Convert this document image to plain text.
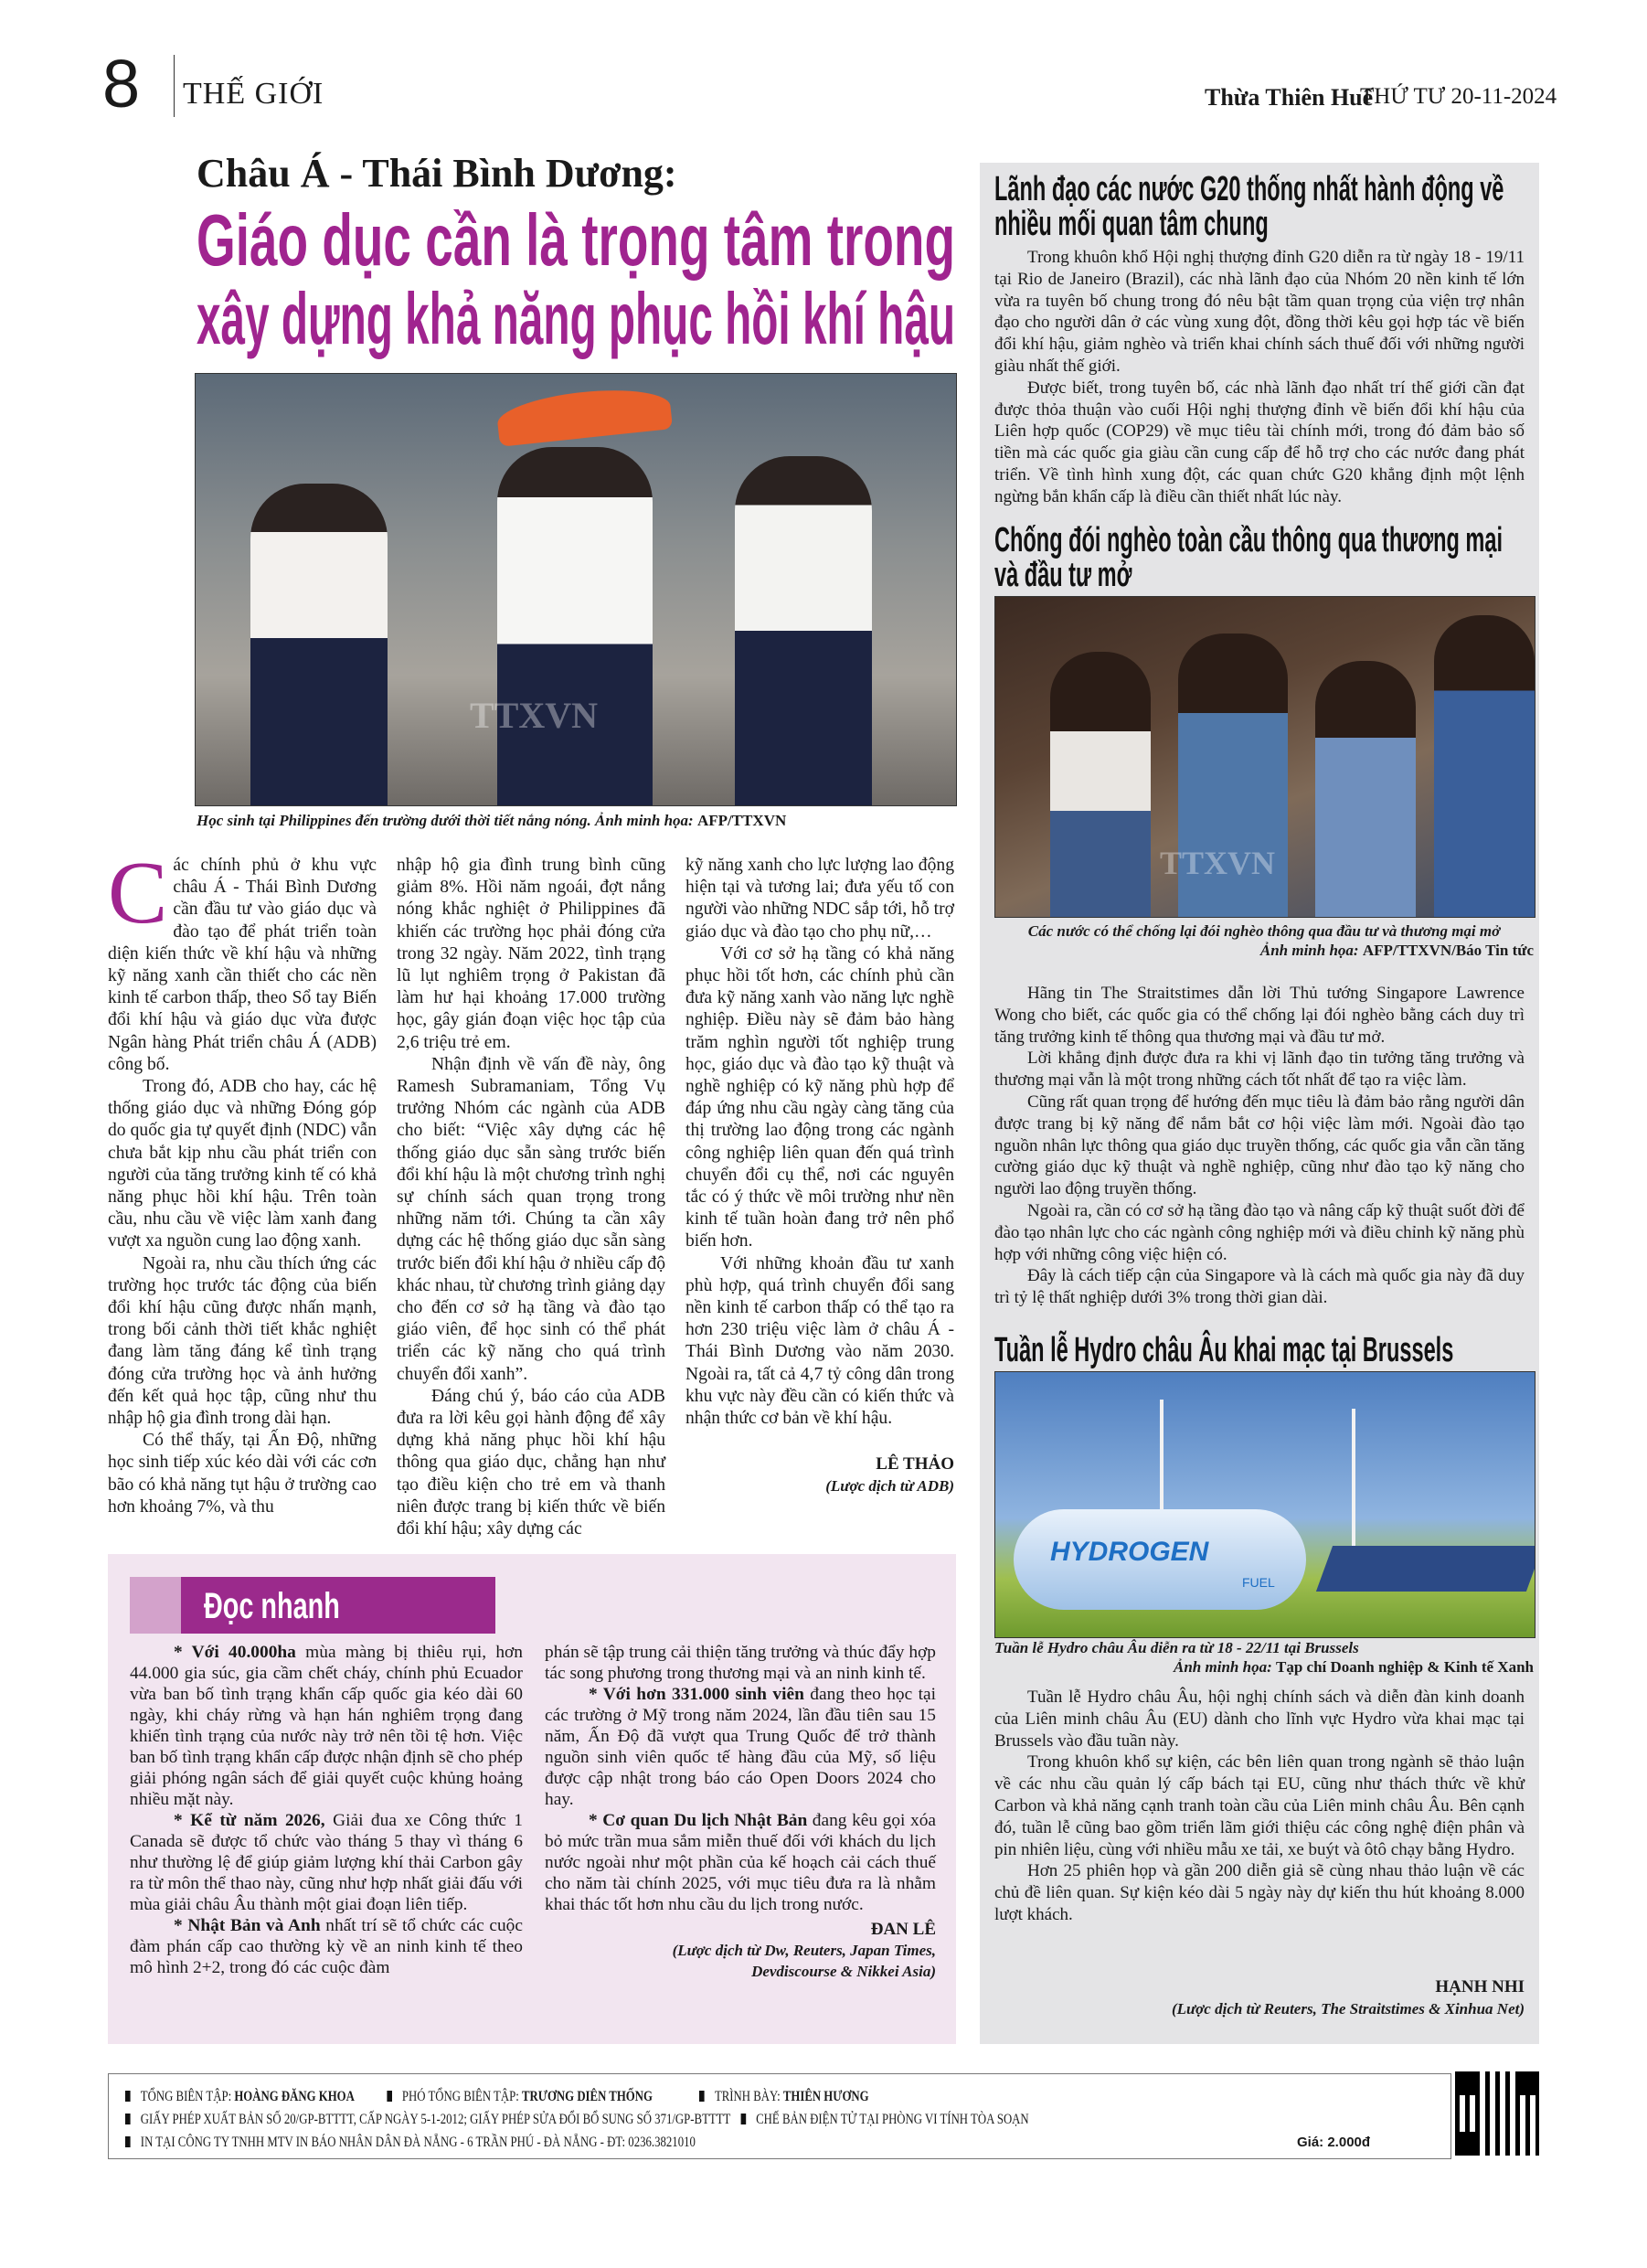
8 THẾ GIỚI	Thừa Thiên Huế
THỨ TƯ 20-11-2024
Châu Á - Thái Bình Dương:
Giáo dục cần là trọng tâm trong
xây dựng khả năng phục hồi khí hậu
TTXVN
Học sinh tại Philippines đến trường dưới thời tiết nắng nóng. Ảnh minh họa: AFP/TTXVN

Các chính phủ ở khu vực châu Á - Thái Bình Dương cần đầu tư vào giáo dục và đào tạo để phát triển toàn diện kiến thức về khí hậu và những kỹ năng xanh cần thiết cho các nền kinh tế carbon thấp, theo Sổ tay Biến đổi khí hậu và giáo dục vừa được Ngân hàng Phát triển châu Á (ADB) công bố.

Trong đó, ADB cho hay, các hệ thống giáo dục và những Đóng góp do quốc gia tự quyết định (NDC) vẫn chưa bắt kịp nhu cầu phát triển con người của tăng trưởng kinh tế có khả năng phục hồi khí hậu. Trên toàn cầu, nhu cầu về việc làm xanh đang vượt xa nguồn cung lao động xanh.

Ngoài ra, nhu cầu thích ứng các trường học trước tác động của biến đổi khí hậu cũng được nhấn mạnh, trong bối cảnh thời tiết khắc nghiệt đang làm tăng đáng kể tình trạng đóng cửa trường học và ảnh hưởng đến kết quả học tập, cũng như thu nhập hộ gia đình trong dài hạn.

Có thể thấy, tại Ấn Độ, những học sinh tiếp xúc kéo dài với các cơn bão có khả năng tụt hậu ở trường cao hơn khoảng 7%, và thu

nhập hộ gia đình trung bình cũng giảm 8%. Hồi năm ngoái, đợt nắng nóng khắc nghiệt ở Philippines đã khiến các trường học phải đóng cửa trong 32 ngày. Năm 2022, tình trạng lũ lụt nghiêm trọng ở Pakistan đã làm hư hại khoảng 17.000 trường học, gây gián đoạn việc học tập của 2,6 triệu trẻ em.

Nhận định về vấn đề này, ông Ramesh Subramaniam, Tổng Vụ trưởng Nhóm các ngành của ADB cho biết: “Việc xây dựng các hệ thống giáo dục sẵn sàng trước biến đổi khí hậu là một chương trình nghị sự chính sách quan trọng trong những năm tới. Chúng ta cần xây dựng các hệ thống giáo dục sẵn sàng trước biến đổi khí hậu ở nhiều cấp độ khác nhau, từ chương trình giảng dạy cho đến cơ sở hạ tầng và đào tạo giáo viên, để học sinh có thể phát triển các kỹ năng cho quá trình chuyển đổi xanh”.

Đáng chú ý, báo cáo của ADB đưa ra lời kêu gọi hành động để xây dựng khả năng phục hồi khí hậu thông qua giáo dục, chẳng hạn như tạo điều kiện cho trẻ em và thanh niên được trang bị kiến thức về biến đổi khí hậu; xây dựng các

kỹ năng xanh cho lực lượng lao động hiện tại và tương lai; đưa yếu tố con người vào những NDC sắp tới, hỗ trợ giáo dục và đào tạo cho phụ nữ,…

Với cơ sở hạ tầng có khả năng phục hồi tốt hơn, các chính phủ cần đưa kỹ năng xanh vào năng lực nghề nghiệp. Điều này sẽ đảm bảo hàng trăm nghìn người tốt nghiệp trung học, giáo dục và đào tạo kỹ thuật và nghề nghiệp có kỹ năng phù hợp để đáp ứng nhu cầu ngày càng tăng của thị trường lao động trong các ngành công nghiệp liên quan đến quá trình chuyển đổi cụ thể, nơi các nguyên tắc có ý thức về môi trường như nền kinh tế tuần hoàn đang trở nên phổ biến hơn.

Với những khoản đầu tư xanh phù hợp, quá trình chuyển đổi sang nền kinh tế carbon thấp có thể tạo ra hơn 230 triệu việc làm ở châu Á - Thái Bình Dương vào năm 2030. Ngoài ra, tất cả 4,7 tỷ công dân trong khu vực này đều cần có kiến thức và nhận thức cơ bản về khí hậu.

LÊ THẢO
(Lược dịch từ ADB)
Đọc nhanh

* Với 40.000ha mùa màng bị thiêu rụi, hơn 44.000 gia súc, gia cầm chết cháy, chính phủ Ecuador vừa ban bố tình trạng khẩn cấp quốc gia kéo dài 60 ngày, khi cháy rừng và hạn hán nghiêm trọng đang khiến tình trạng của nước này trở nên tồi tệ hơn. Việc ban bố tình trạng khẩn cấp được nhận định sẽ cho phép giải phóng ngân sách để giải quyết cuộc khủng hoảng nhiều mặt này.

* Kể từ năm 2026, Giải đua xe Công thức 1 Canada sẽ được tổ chức vào tháng 5 thay vì tháng 6 như thường lệ để giúp giảm lượng khí thải Carbon gây ra từ môn thể thao này, cũng như hợp nhất giải đấu với mùa giải châu Âu thành một giai đoạn liên tiếp.

* Nhật Bản và Anh nhất trí sẽ tổ chức các cuộc đàm phán cấp cao thường kỳ về an ninh kinh tế theo mô hình 2+2, trong đó các cuộc đàm

phán sẽ tập trung cải thiện tăng trưởng và thúc đẩy hợp tác song phương trong thương mại và an ninh kinh tế.

* Với hơn 331.000 sinh viên đang theo học tại các trường ở Mỹ trong năm 2024, lần đầu tiên sau 15 năm, Ấn Độ đã vượt qua Trung Quốc để trở thành nguồn sinh viên quốc tế hàng đầu của Mỹ, số liệu được cập nhật trong báo cáo Open Doors 2024 cho hay.

* Cơ quan Du lịch Nhật Bản đang kêu gọi xóa bỏ mức trần mua sắm miễn thuế đối với khách du lịch nước ngoài như một phần của kế hoạch cải cách thuế cho năm tài chính 2025, với mục tiêu đưa ra là nhằm khai thác tốt hơn nhu cầu du lịch trong nước.

ĐAN LÊ
(Lược dịch từ Dw, Reuters, Japan Times,
Devdiscourse & Nikkei Asia)
Lãnh đạo các nước G20 thống nhất hành động về nhiều mối quan tâm chung

Trong khuôn khổ Hội nghị thượng đỉnh G20 diễn ra từ ngày 18 - 19/11 tại Rio de Janeiro (Brazil), các nhà lãnh đạo của Nhóm 20 nền kinh tế lớn vừa ra tuyên bố chung trong đó nêu bật tầm quan trọng của viện trợ nhân đạo cho người dân ở các vùng xung đột, đồng thời kêu gọi hợp tác về biến đổi khí hậu, giảm nghèo và triển khai chính sách thuế đối với những người giàu nhất thế giới.

Được biết, trong tuyên bố, các nhà lãnh đạo nhất trí thế giới cần đạt được thỏa thuận vào cuối Hội nghị thượng đỉnh về biến đổi khí hậu của Liên hợp quốc (COP29) về mục tiêu tài chính mới, trong đó đảm bảo số tiền mà các quốc gia giàu cần cung cấp để hỗ trợ cho các nước đang phát triển. Về tình hình xung đột, các quan chức G20 khẳng định một lệnh ngừng bắn khẩn cấp là điều cần thiết nhất lúc này.

Chống đói nghèo toàn cầu thông qua thương mại và đầu tư mở
TTXVN
Các nước có thể chống lại đói nghèo thông qua đầu tư và thương mại mở
Ảnh minh họa: AFP/TTXVN/Báo Tin tức

Hãng tin The Straitstimes dẫn lời Thủ tướng Singapore Lawrence Wong cho biết, các quốc gia có thể chống lại đói nghèo bằng cách duy trì tăng trưởng kinh tế thông qua thương mại và đầu tư mở.

Lời khẳng định được đưa ra khi vị lãnh đạo tin tưởng tăng trưởng và thương mại vẫn là một trong những cách tốt nhất để tạo ra việc làm.

Cũng rất quan trọng để hướng đến mục tiêu là đảm bảo rằng người dân được trang bị kỹ năng để nắm bắt cơ hội việc làm mới. Ngoài đào tạo nguồn nhân lực thông qua giáo dục truyền thống, các quốc gia vẫn cần tăng cường giáo dục kỹ thuật và nghề nghiệp, cũng như đào tạo kỹ năng cho người lao động truyền thống.

Ngoài ra, cần có cơ sở hạ tầng đào tạo và nâng cấp kỹ thuật suốt đời để đào tạo nhân lực cho các ngành công nghiệp mới và điều chỉnh kỹ năng phù hợp với những công việc hiện có.

Đây là cách tiếp cận của Singapore và là cách mà quốc gia này đã duy trì tỷ lệ thất nghiệp dưới 3% trong thời gian dài.

Tuần lễ Hydro châu Âu khai mạc tại Brussels
HYDROGEN
FUEL
Tuần lễ Hydro châu Âu diễn ra từ 18 - 22/11 tại Brussels
Ảnh minh họa: Tạp chí Doanh nghiệp & Kinh tế Xanh

Tuần lễ Hydro châu Âu, hội nghị chính sách và diễn đàn kinh doanh của Liên minh châu Âu (EU) dành cho lĩnh vực Hydro vừa khai mạc tại Brussels vào đầu tuần này.

Trong khuôn khổ sự kiện, các bên liên quan trong ngành sẽ thảo luận về các nhu cầu quản lý cấp bách tại EU, cũng như thách thức về khử Carbon và khả năng cạnh tranh toàn cầu của Liên minh châu Âu. Bên cạnh đó, tuần lễ cũng bao gồm triển lãm giới thiệu các công nghệ điện phân và pin nhiên liệu, cùng với nhiều mẫu xe tải, xe buýt và ôtô chạy bằng Hydro.

Hơn 25 phiên họp và gần 200 diễn giả sẽ cùng nhau thảo luận về các chủ đề liên quan. Sự kiện kéo dài 5 ngày này dự kiến thu hút khoảng 8.000 lượt khách.

HẠNH NHI
(Lược dịch từ Reuters, The Straitstimes & Xinhua Net)
TỔNG BIÊN TẬP: HOÀNG ĐĂNG KHOA	PHÓ TỔNG BIÊN TẬP: TRƯƠNG DIÊN THỐNG	TRÌNH BÀY: THIÊN HƯƠNG
GIẤY PHÉP XUẤT BẢN SỐ 20/GP-BTTTT, CẤP NGÀY 5-1-2012; GIẤY PHÉP SỬA ĐỔI BỔ SUNG SỐ 371/GP-BTTTT CHẾ BẢN ĐIỆN TỬ TẠI PHÒNG VI TÍNH TÒA SOẠN
IN TẠI CÔNG TY TNHH MTV IN BÁO NHÂN DÂN ĐÀ NẴNG - 6 TRẦN PHÚ - ĐÀ NẴNG - ĐT: 0236.3821010	Giá: 2.000đ
